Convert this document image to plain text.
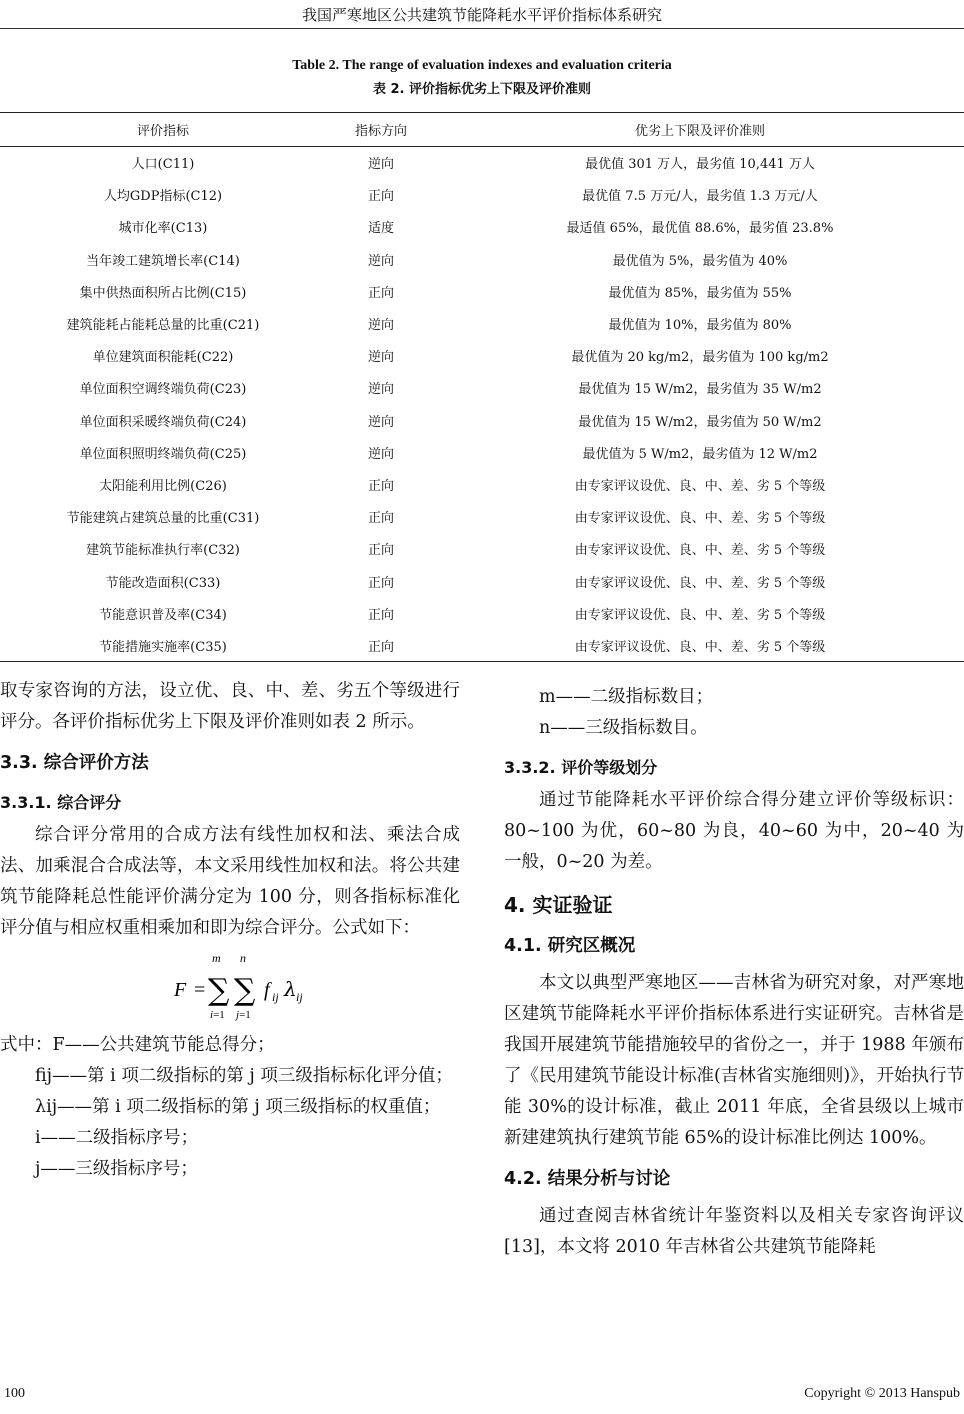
我国严寒地区公共建筑节能降耗水平评价指标体系研究
Table 2. The range of evaluation indexes and evaluation criteria
表 2. 评价指标优劣上下限及评价准则
评价指标	指标方向	优劣上下限及评价准则
人口(C11)	逆向	最优值 301 万人，最劣值 10,441 万人
人均GDP指标(C12)	正向	最优值 7.5 万元/人，最劣值 1.3 万元/人
城市化率(C13)	适度	最适值 65%，最优值 88.6%，最劣值 23.8%
当年竣工建筑增长率(C14)	逆向	最优值为 5%，最劣值为 40%
集中供热面积所占比例(C15)	正向	最优值为 85%，最劣值为 55%
建筑能耗占能耗总量的比重(C21)	逆向	最优值为 10%，最劣值为 80%
单位建筑面积能耗(C22)	逆向	最优值为 20 kg/m2，最劣值为 100 kg/m2
单位面积空调终端负荷(C23)	逆向	最优值为 15 W/m2，最劣值为 35 W/m2
单位面积采暖终端负荷(C24)	逆向	最优值为 15 W/m2，最劣值为 50 W/m2
单位面积照明终端负荷(C25)	逆向	最优值为 5 W/m2，最劣值为 12 W/m2
太阳能利用比例(C26)	正向	由专家评议设优、良、中、差、劣 5 个等级
节能建筑占建筑总量的比重(C31)	正向	由专家评议设优、良、中、差、劣 5 个等级
建筑节能标准执行率(C32)	正向	由专家评议设优、良、中、差、劣 5 个等级
节能改造面积(C33)	正向	由专家评议设优、良、中、差、劣 5 个等级
节能意识普及率(C34)	正向	由专家评议设优、良、中、差、劣 5 个等级
节能措施实施率(C35)	正向	由专家评议设优、良、中、差、劣 5 个等级

取专家咨询的方法，设立优、良、中、差、劣五个等级进行评分。各评价指标优劣上下限及评价准则如表 2 所示。

3.3. 综合评价方法
3.3.1. 综合评分

综合评分常用的合成方法有线性加权和法、乘法合成法、加乘混合合成法等，本文采用线性加权和法。将公共建筑节能降耗总性能评价满分定为 100 分，则各指标标准化评分值与相应权重相乘加和即为综合评分。公式如下：

F =
m
∑
i=1
n
∑
j=1
f ij λ ij

式中：F——公共建筑节能总得分；

fij——第 i 项二级指标的第 j 项三级指标标化评分值；

λij——第 i 项二级指标的第 j 项三级指标的权重值；

i——二级指标序号；

j——三级指标序号；

m——二级指标数目；

n——三级指标数目。

3.3.2. 评价等级划分

通过节能降耗水平评价综合得分建立评价等级标识：80~100 为优，60~80 为良，40~60 为中，20~40 为一般，0~20 为差。

4. 实证验证
4.1. 研究区概况

本文以典型严寒地区——吉林省为研究对象，对严寒地区建筑节能降耗水平评价指标体系进行实证研究。吉林省是我国开展建筑节能措施较早的省份之一，并于 1988 年颁布了《民用建筑节能设计标准(吉林省实施细则)》，开始执行节能 30%的设计标准，截止 2011 年底，全省县级以上城市新建建筑执行建筑节能 65%的设计标准比例达 100%。

4.2. 结果分析与讨论

通过查阅吉林省统计年鉴资料以及相关专家咨询评议[13]，本文将 2010 年吉林省公共建筑节能降耗

100	Copyright © 2013 Hanspub
